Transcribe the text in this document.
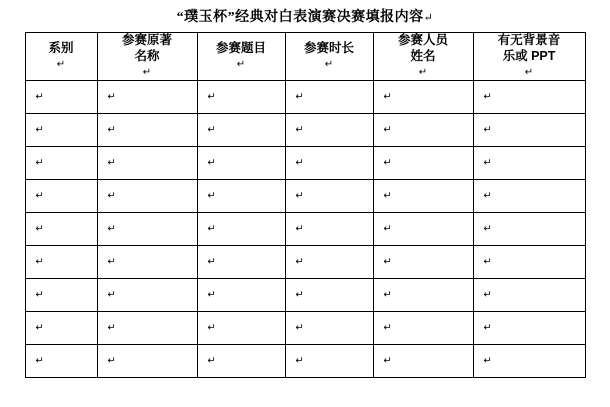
“璞玉杯”经典对白表演赛决赛填报内容↵
系别
↵	参赛原著
名称
↵	参赛题目
↵	参赛时长
↵	参赛人员
姓名
↵	有无背景音
乐或 PPT
↵

↵	↵	↵	↵	↵	↵

↵	↵	↵	↵	↵	↵

↵	↵	↵	↵	↵	↵

↵	↵	↵	↵	↵	↵

↵	↵	↵	↵	↵	↵

↵	↵	↵	↵	↵	↵

↵	↵	↵	↵	↵	↵

↵	↵	↵	↵	↵	↵

↵	↵	↵	↵	↵	↵
